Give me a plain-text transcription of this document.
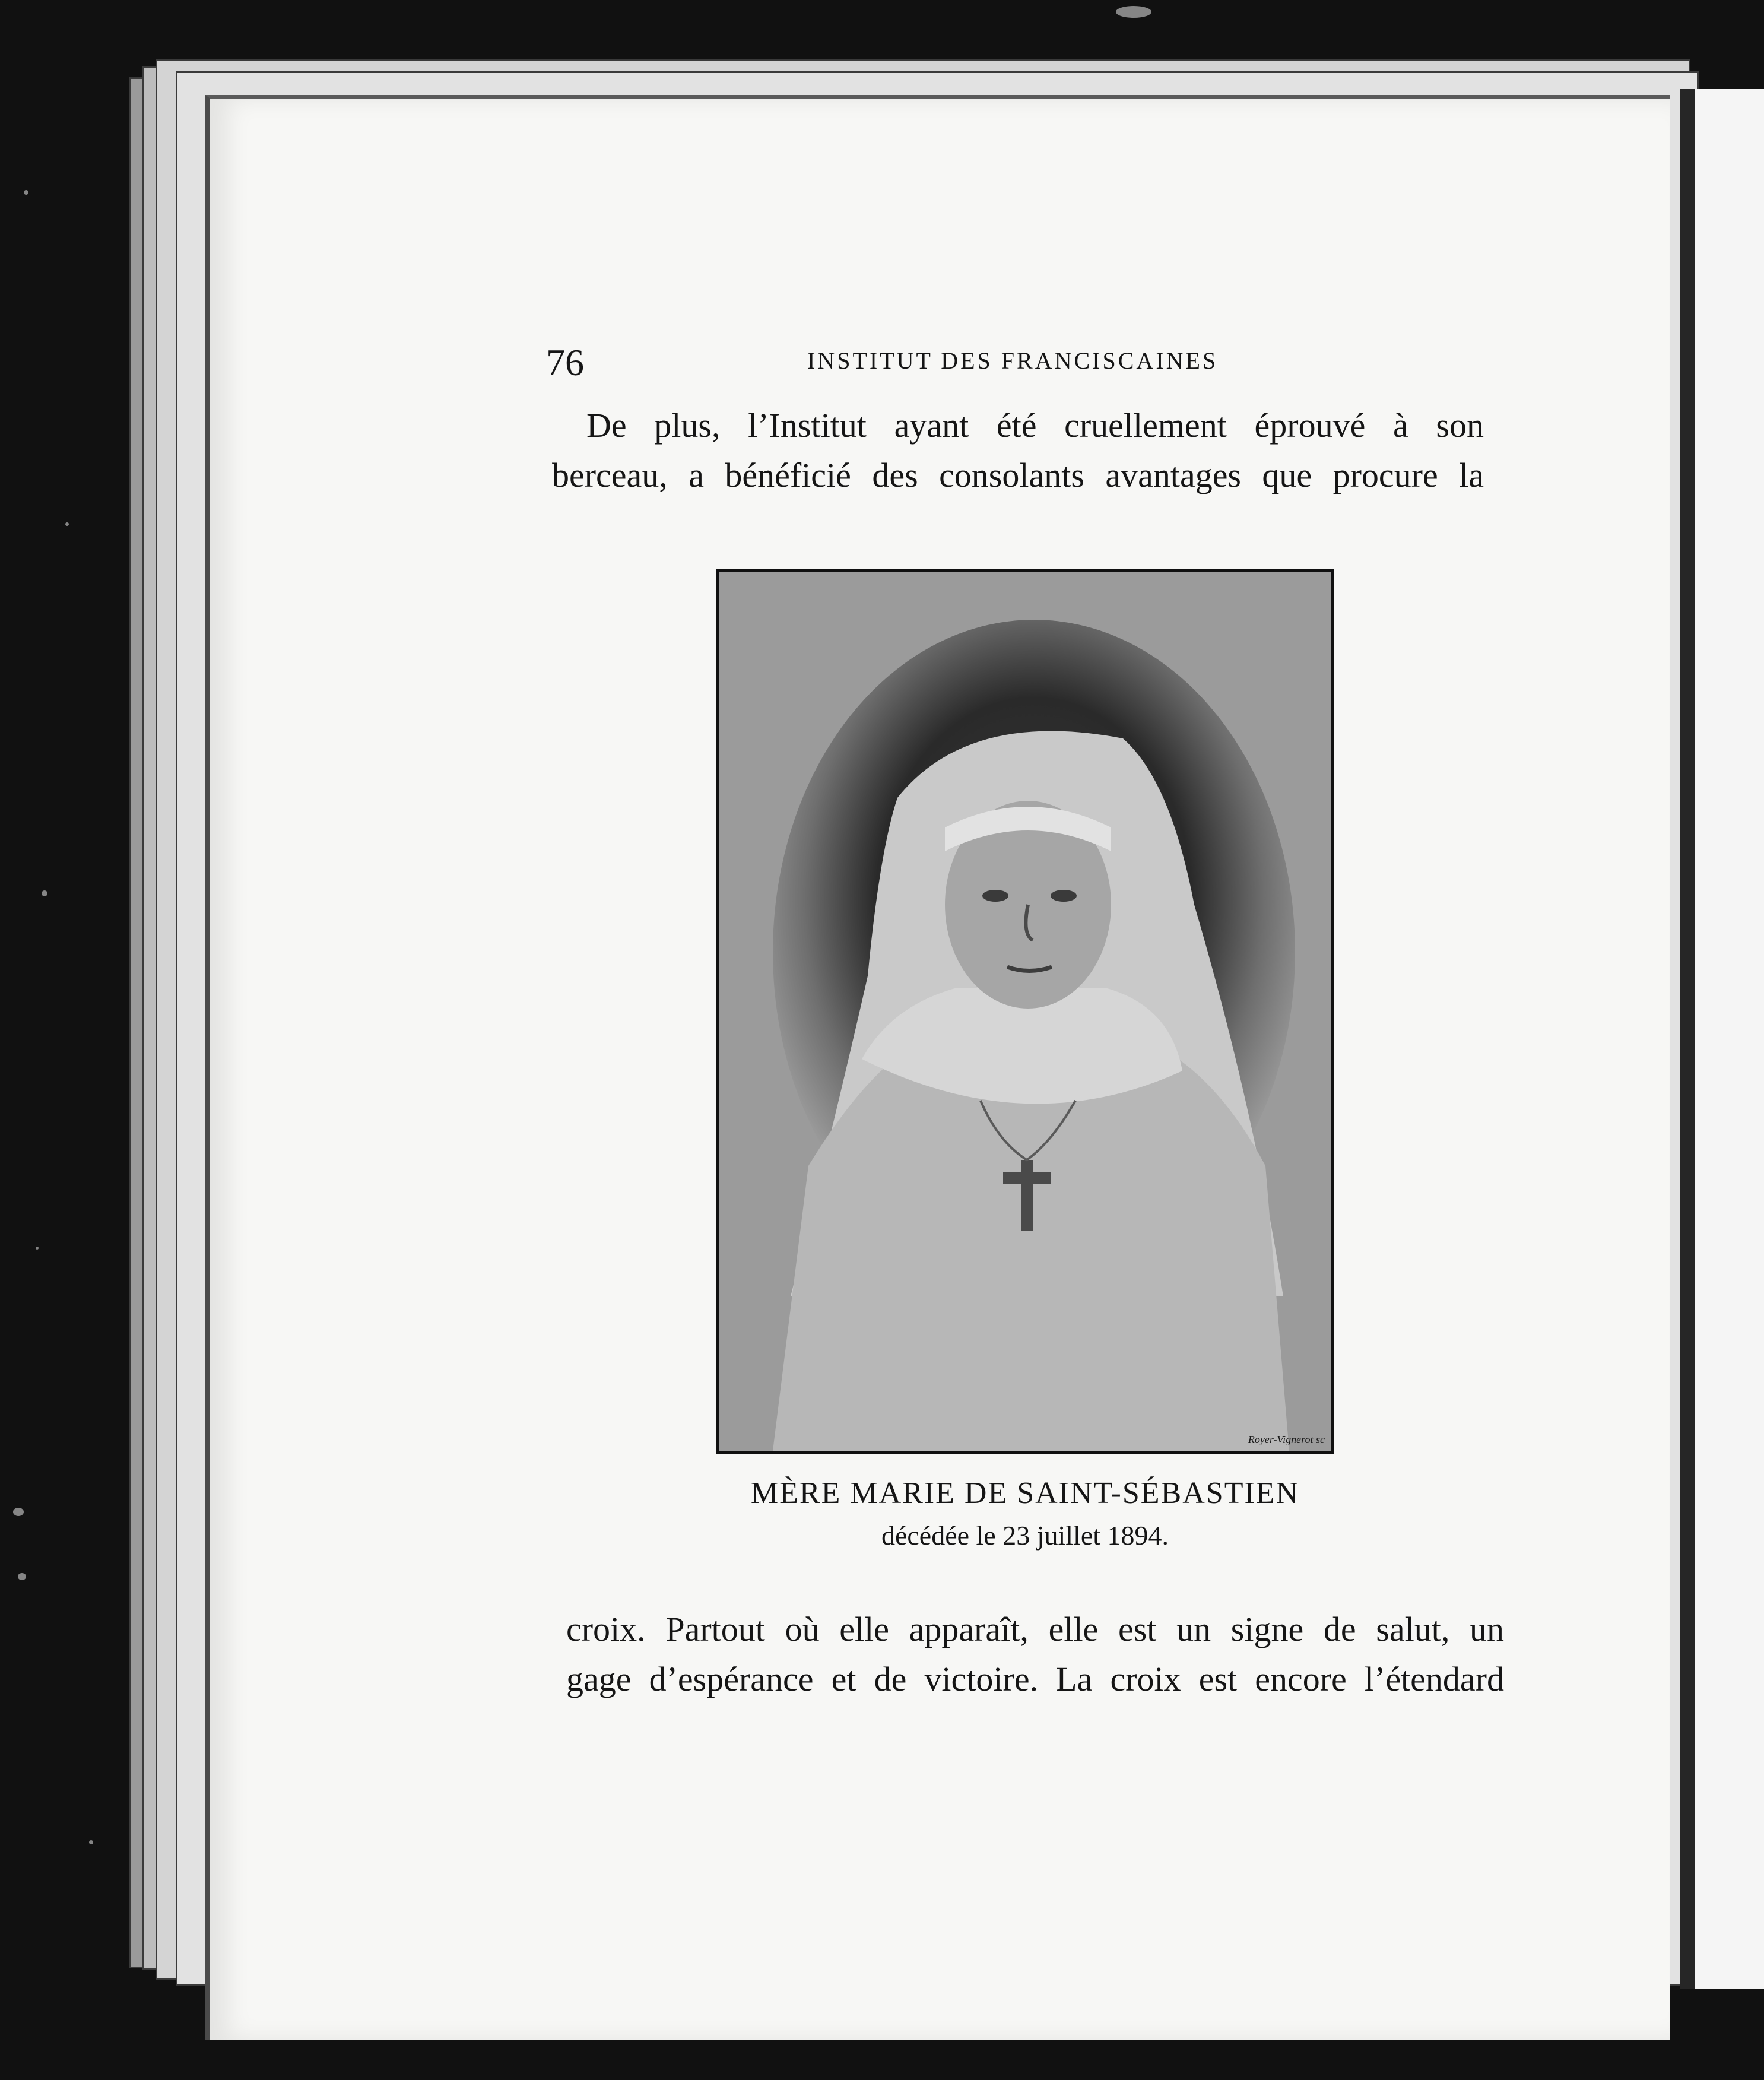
76	INSTITUT DES FRANCISCAINES
De plus, l’Institut ayant été cruellement éprouvé à son
berceau, a bénéficié des consolants avantages que procure la
Royer-Vignerot sc
MÈRE MARIE DE SAINT-SÉBASTIEN
décédée le 23 juillet 1894.
croix. Partout où elle apparaît, elle est un signe de salut, un
gage d’espérance et de victoire. La croix est encore l’étendard
